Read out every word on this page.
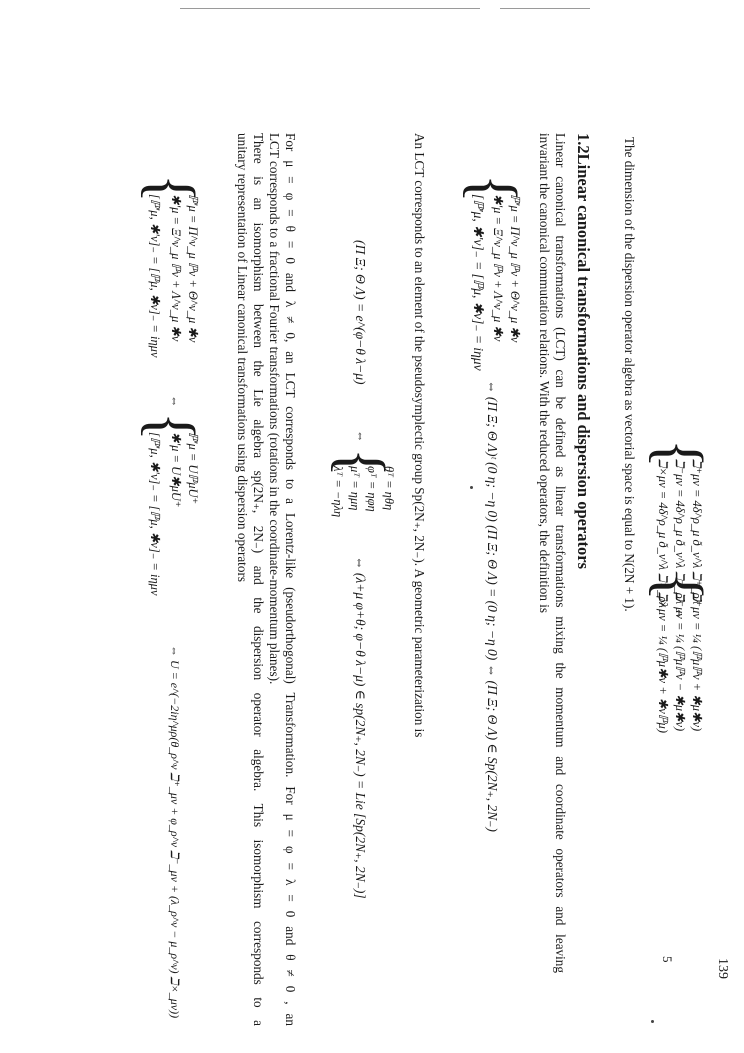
{
ℶ⁺μν = 4δ^ρ_μ ð_ν^λ ℶ⁺_ρλ
ℶ⁻μν = 4δ^ρ_μ ð_ν^λ ℶ⁻_ρλ ⇔
ℶ×μν = 4δ^ρ_μ ð_ν^λ ℶ×_ρλ
{
ℶ⁺μν = ¼ (ℙμℙν + ✱μ✱ν)
ℶ⁻μν = ¼ (ℙμℙν − ✱μ✱ν)
ℶ×μν = ¼ (ℙμ✱ν + ✱νℙμ)
The dimension of the dispersion operator algebra as vectorial space is equal to N(2N + 1).
1.2Linear canonical transformations and dispersion operators
Linear canonical transformations (LCT) can be defined as linear transformations mixing the momentum and coordinate operators and leaving
invariant the canonical commutation relations. With the reduced operators, the definition is
{
ℙ'μ = Π^ν_μ ℙν + Θ^ν_μ ✱ν
✱'μ = Ξ^ν_μ ℙν + Λ^ν_μ ✱ν
[ℙ'μ, ✱'ν]₋ = [ℙμ, ✱ν]₋ = iημν
⇔ (Π Ξ; Θ Λ)ᵗ (0 η; −η 0) (Π Ξ; Θ Λ) = (0 η; −η 0) ⇔ (Π Ξ; Θ Λ) ∈ Sp(2N₊, 2N₋)
An LCT corresponds to an element of the pseudosymplectic group Sp(2N₊, 2N₋). A geometric parameterization is
(Π Ξ; Θ Λ) = e^(φ−θ λ−μ)
⇔
{
θᵀ = ηθη
φᵀ = ηφη
μᵀ = ημη
λᵀ = −ηλη
⇔ (λ+μ φ+θ; φ−θ λ−μ) ∈ sp(2N₊, 2N₋) = Lie [Sp(2N₊, 2N₋)]
For μ = φ = θ = 0 and λ ≠ 0, an LCT corresponds to a Lorentz-like (pseudorthogonal) Transformation. For μ = φ = λ = 0 and θ ≠ 0 , an
LCT corresponds to a fractional Fourier transformations (rotations in the coordinate-momentum planes).
There is an isomorphism between the Lie algebra sp(2N₊, 2N₋) and the dispersion operator algebra. This isomorphism corresponds to a
unitary representation of Linear canonical transformations using dispersion operators
{
ℙ'μ = Π^ν_μ ℙν + Θ^ν_μ ✱ν
✱'μ = Ξ^ν_μ ℙν + Λ^ν_μ ✱ν
[ℙ'μ, ✱'ν]₋ = [ℙμ, ✱ν]₋ = iημν
⇔
{
ℙ'μ = UℙμU⁺
✱'μ = U✱μU⁺
[ℙ'μ, ✱'ν]₋ = [ℙμ, ✱ν]₋ = iημν
⇔ U = e^(−2iη^μρ(θ_ρ^ν ℶ⁺_μν + φ_ρ^ν ℶ⁻_μν + (λ_ρ^ν − μ_ρ^ν) ℶ×_μν))	5	139
